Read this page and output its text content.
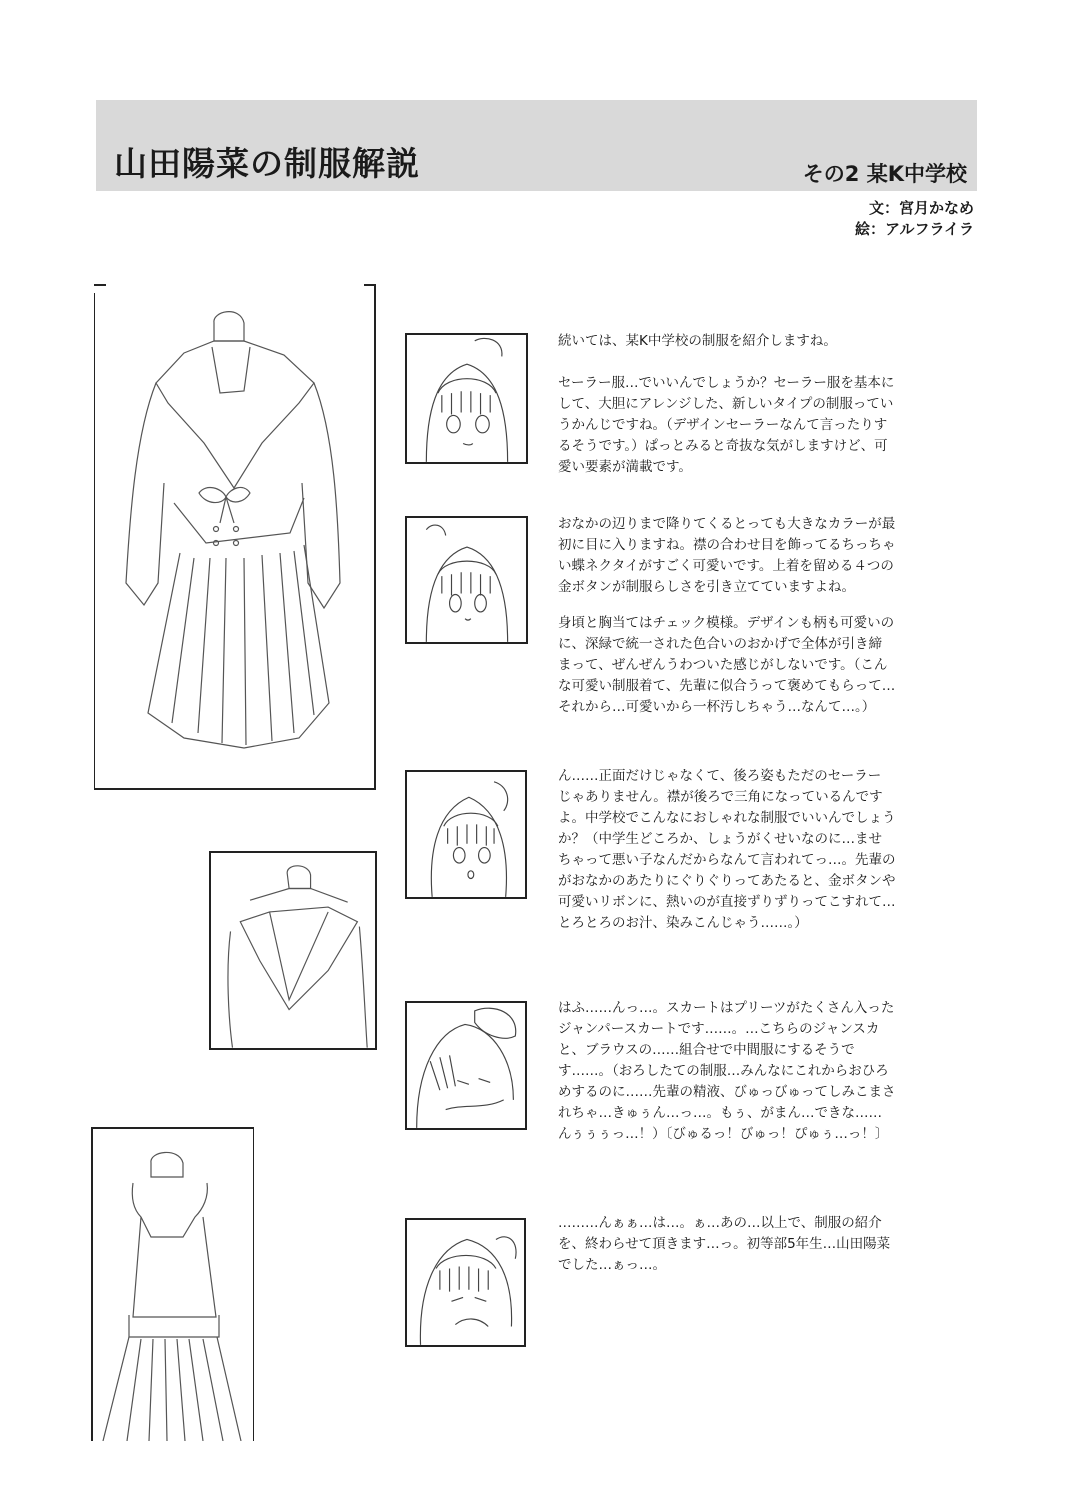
山田陽菜の制服解説	その2 某K中学校
文：宮月かなめ
絵：アルフライラ

続いては、某K中学校の制服を紹介しますね。

セーラー服…でいいんでしょうか？セーラー服を基本に
して、大胆にアレンジした、新しいタイプの制服ってい
うかんじですね。（デザインセーラーなんて言ったりす
るそうです。）ぱっとみると奇抜な気がしますけど、可
愛い要素が満載です。

おなかの辺りまで降りてくるとっても大きなカラーが最
初に目に入りますね。襟の合わせ目を飾ってるちっちゃ
い蝶ネクタイがすごく可愛いです。上着を留める４つの
金ボタンが制服らしさを引き立てていますよね。

身頃と胸当てはチェック模様。デザインも柄も可愛いの
に、深緑で統一された色合いのおかげで全体が引き締
まって、ぜんぜんうわついた感じがしないです。（こん
な可愛い制服着て、先輩に似合うって褒めてもらって…
それから…可愛いから一杯汚しちゃう…なんて…。）

ん……正面だけじゃなくて、後ろ姿もただのセーラー
じゃありません。襟が後ろで三角になっているんです
よ。中学校でこんなにおしゃれな制服でいいんでしょう
か？（中学生どころか、しょうがくせいなのに…ませ
ちゃって悪い子なんだからなんて言われてっ…。先輩の
がおなかのあたりにぐりぐりってあたると、金ボタンや
可愛いリボンに、熱いのが直接ずりずりってこすれて…
とろとろのお汁、染みこんじゃう……。）

はふ……んっ…。スカートはプリーツがたくさん入った
ジャンパースカートです……。…こちらのジャンスカ
と、ブラウスの……組合せで中間服にするそうで
す……。（おろしたての制服…みんなにこれからおひろ
めするのに……先輩の精液、びゅっびゅってしみこまさ
れちゃ…きゅぅん…っ…。もぅ、がまん…できな……
んぅぅぅっ…！）〔びゅるっ！びゅっ！ぴゅぅ…っ！〕

………んぁぁ…は…。ぁ…あの…以上で、制服の紹介
を、終わらせて頂きます…っ。初等部5年生…山田陽菜
でした…ぁっ…。
